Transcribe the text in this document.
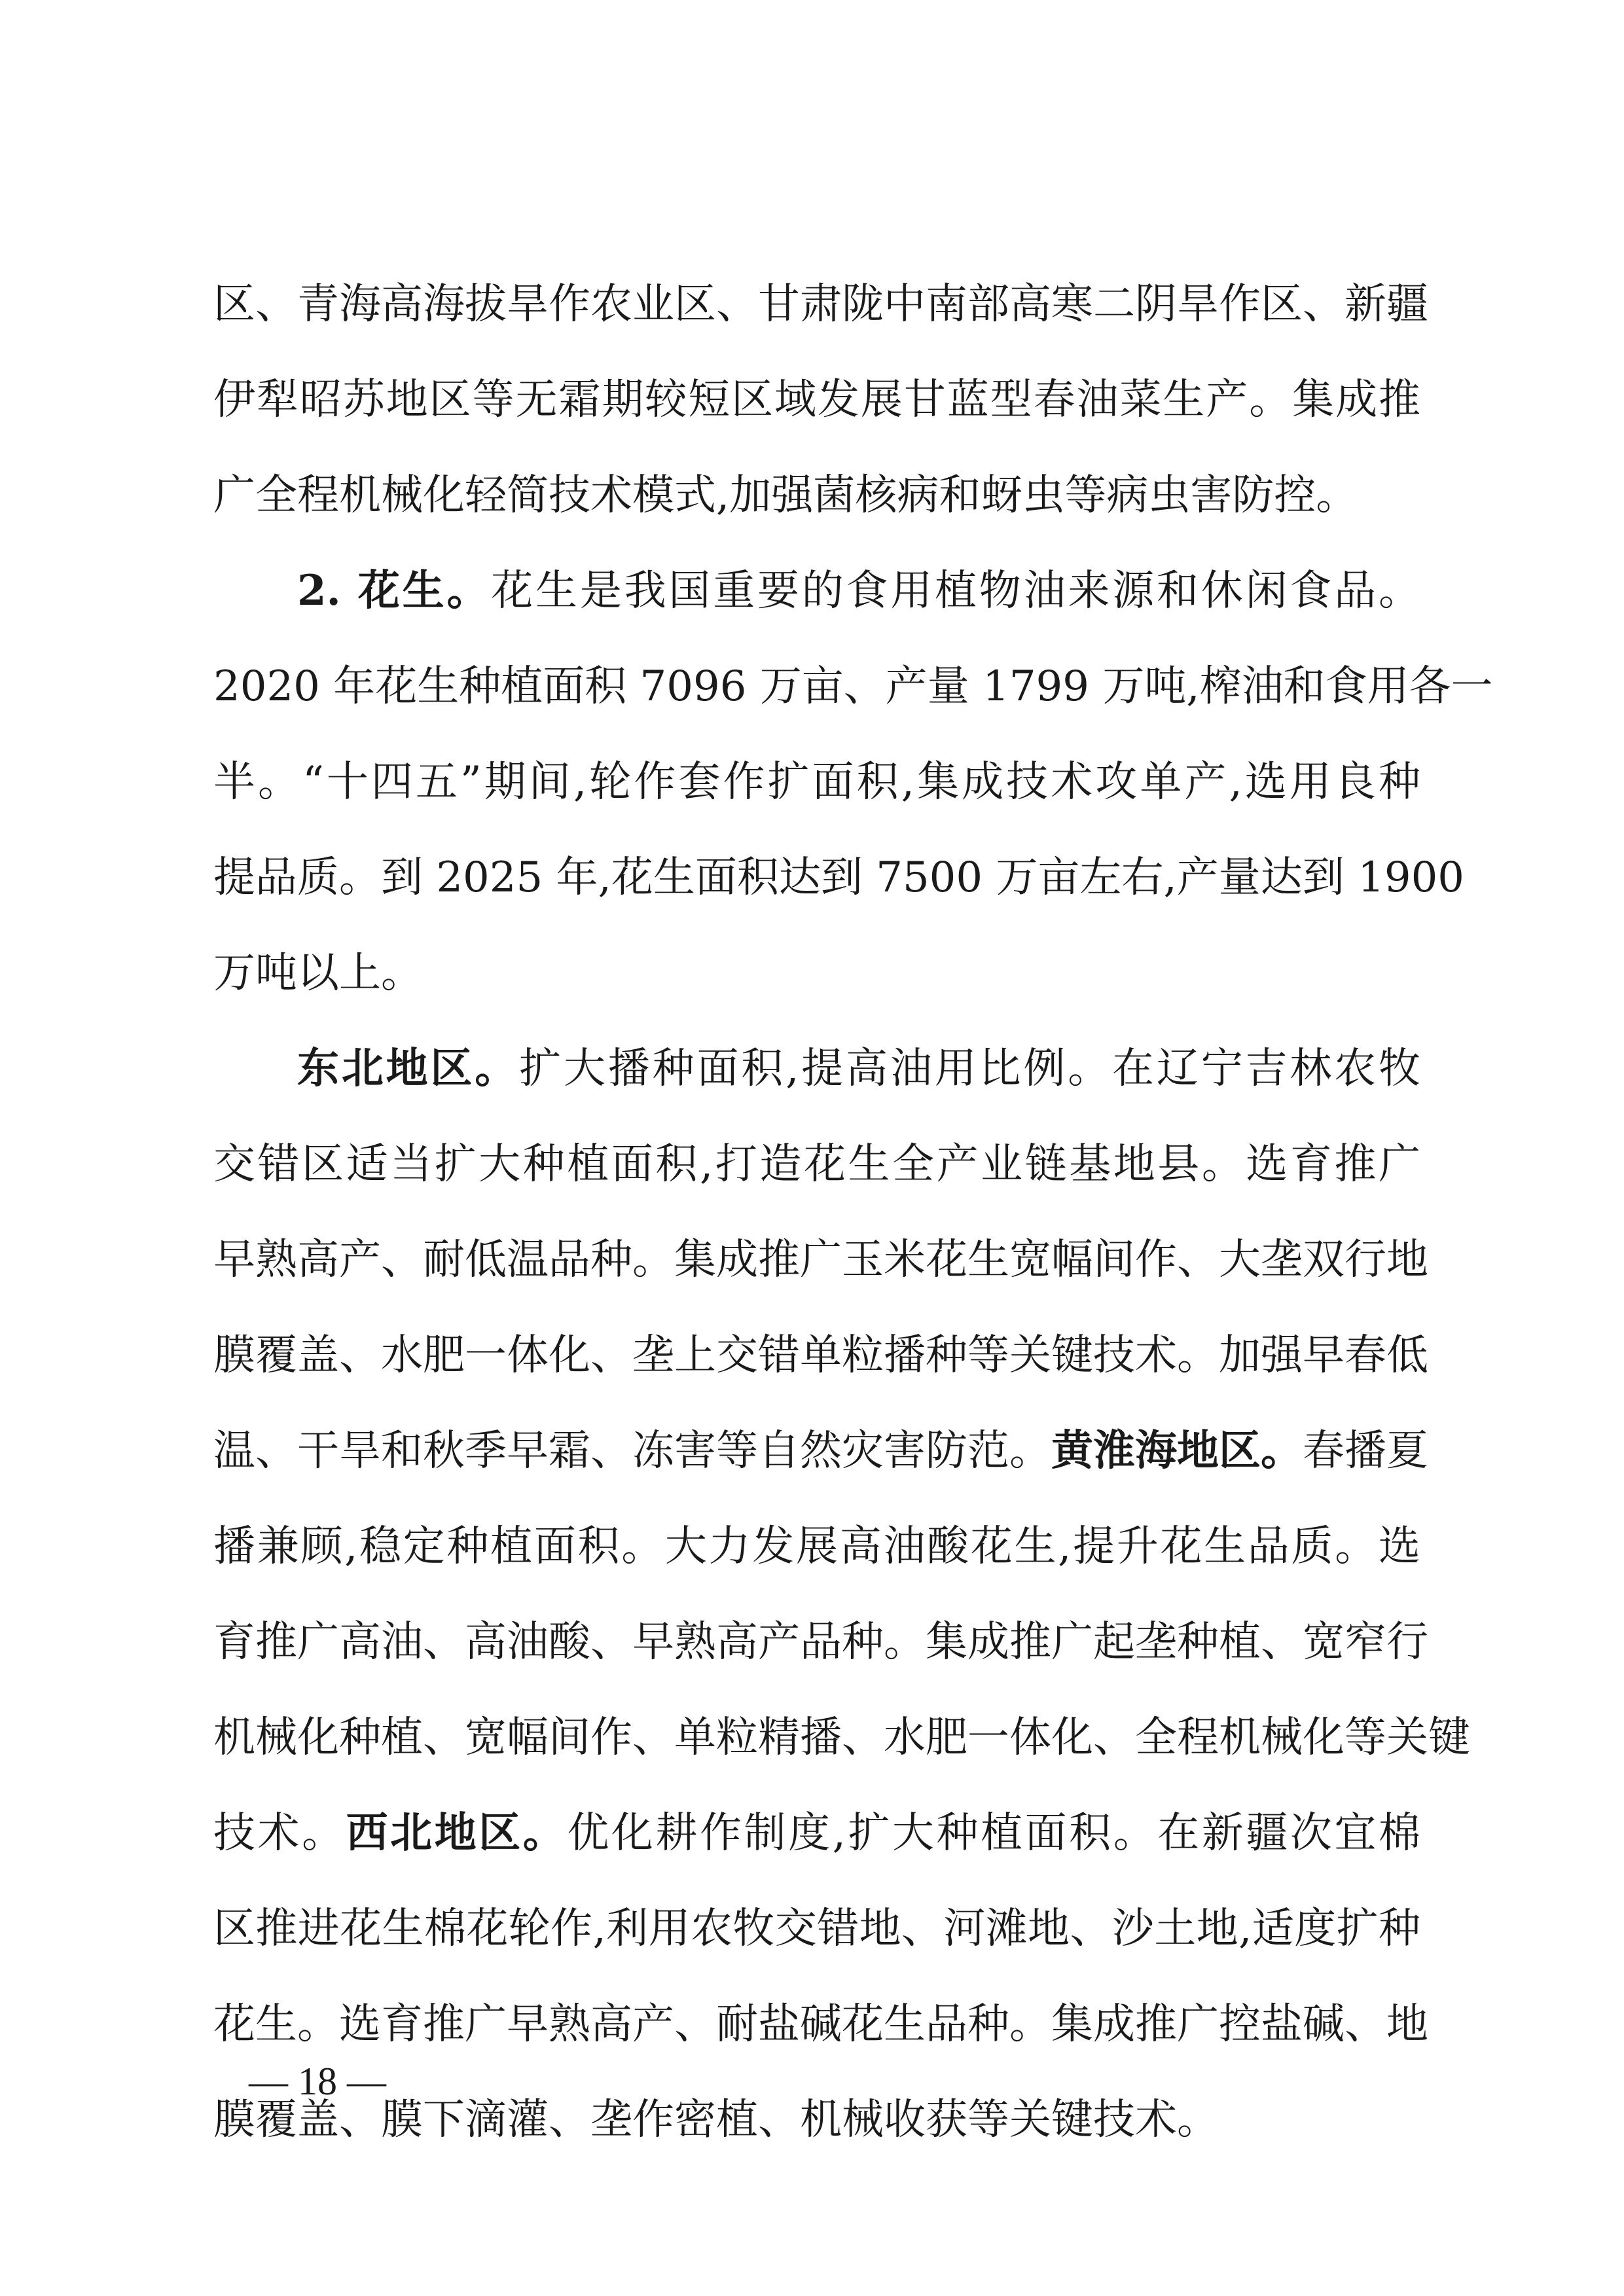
区、青海高海拔旱作农业区、甘肃陇中南部高寒二阴旱作区、新疆
伊犁昭苏地区等无霜期较短区域发展甘蓝型春油菜生产。集成推
广全程机械化轻简技术模式,加强菌核病和蚜虫等病虫害防控。
2. 花生。花生是我国重要的食用植物油来源和休闲食品。
2020 年花生种植面积 7096 万亩、产量 1799 万吨,榨油和食用各一
半。“十四五”期间,轮作套作扩面积,集成技术攻单产,选用良种
提品质。到 2025 年,花生面积达到 7500 万亩左右,产量达到 1900
万吨以上。
东北地区。扩大播种面积,提高油用比例。在辽宁吉林农牧
交错区适当扩大种植面积,打造花生全产业链基地县。选育推广
早熟高产、耐低温品种。集成推广玉米花生宽幅间作、大垄双行地
膜覆盖、水肥一体化、垄上交错单粒播种等关键技术。加强早春低
温、干旱和秋季早霜、冻害等自然灾害防范。黄淮海地区。春播夏
播兼顾,稳定种植面积。大力发展高油酸花生,提升花生品质。选
育推广高油、高油酸、早熟高产品种。集成推广起垄种植、宽窄行
机械化种植、宽幅间作、单粒精播、水肥一体化、全程机械化等关键
技术。西北地区。优化耕作制度,扩大种植面积。在新疆次宜棉
区推进花生棉花轮作,利用农牧交错地、河滩地、沙土地,适度扩种
花生。选育推广早熟高产、耐盐碱花生品种。集成推广控盐碱、地
膜覆盖、膜下滴灌、垄作密植、机械收获等关键技术。
— 18 —
